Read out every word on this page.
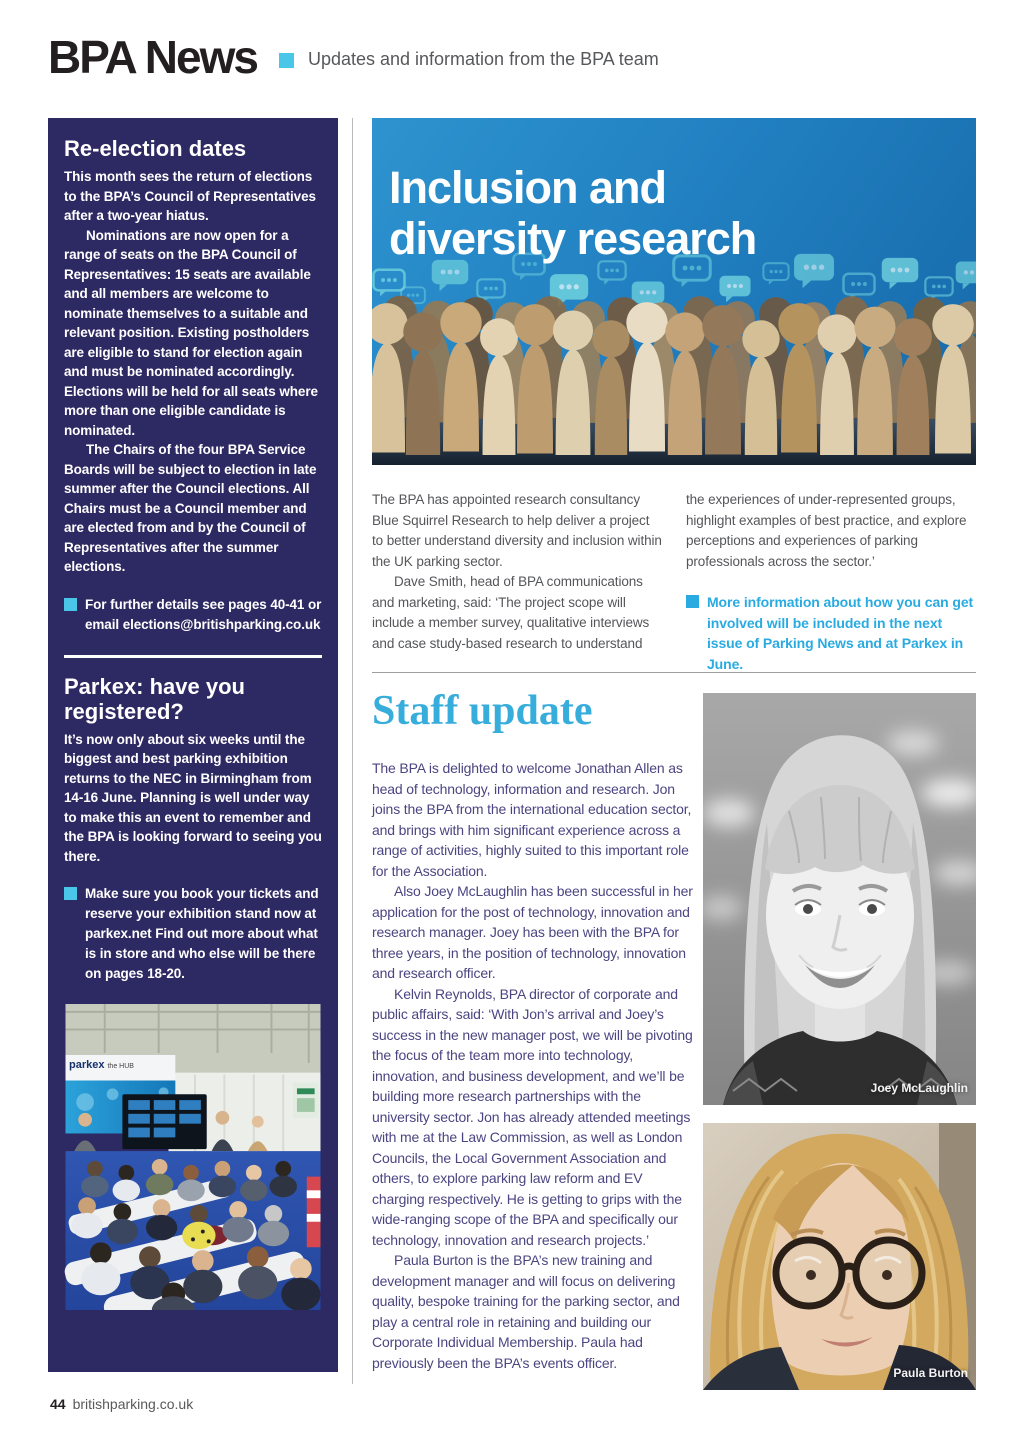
BPA News	Updates and information from the BPA team
Re-election dates

This month sees the return of elections to the BPA’s Council of Representatives after a two-year hiatus.

Nominations are now open for a range of seats on the BPA Council of Representatives: 15 seats are available and all members are welcome to nominate themselves to a suitable and relevant position. Existing postholders are eligible to stand for election again and must be nominated accordingly. Elections will be held for all seats where more than one eligible candidate is nominated.

The Chairs of the four BPA Service Boards will be subject to election in late summer after the Council elections. All Chairs must be a Council member and are elected from and by the Council of Representatives after the summer elections.

For further details see pages 40-41 or email elections@britishparking.co.uk

Parkex: have you registered?

It’s now only about six weeks until the biggest and best parking exhibition returns to the NEC in Birmingham from 14-16 June. Planning is well under way to make this an event to remember and the BPA is looking forward to seeing you there.

Make sure you book your tickets and reserve your exhibition stand now at parkex.net Find out more about what is in store and who else will be there on pages 18-20.

parkex the HUB
Inclusion and
diversity research

The BPA has appointed research consultancy Blue Squirrel Research to help deliver a project to better understand diversity and inclusion within the UK parking sector.

Dave Smith, head of BPA communications and marketing, said: ‘The project scope will include a member survey, qualitative interviews and case study-based research to understand

the experiences of under-represented groups, highlight examples of best practice, and explore perceptions and experiences of parking professionals across the sector.’

More information about how you can get involved will be included in the next issue of Parking News and at Parkex in June.

Staff update

The BPA is delighted to welcome Jonathan Allen as head of technology, information and research. Jon joins the BPA from the international education sector, and brings with him significant experience across a range of activities, highly suited to this important role for the Association.

Also Joey McLaughlin has been successful in her application for the post of technology, innovation and research manager. Joey has been with the BPA for three years, in the position of technology, innovation and research officer.

Kelvin Reynolds, BPA director of corporate and public affairs, said: ‘With Jon’s arrival and Joey’s success in the new manager post, we will be pivoting the focus of the team more into technology, innovation, and business development, and we’ll be building more research partnerships with the university sector. Jon has already attended meetings with me at the Law Commission, as well as London Councils, the Local Government Association and others, to explore parking law reform and EV charging respectively. He is getting to grips with the wide-ranging scope of the BPA and specifically our technology, innovation and research projects.’

Paula Burton is the BPA’s new training and development manager and will focus on delivering quality, bespoke training for the parking sector, and play a central role in retaining and building our Corporate Individual Membership. Paula had previously been the BPA’s events officer.

Joey McLaughlin
Paula Burton
44 britishparking.co.uk
